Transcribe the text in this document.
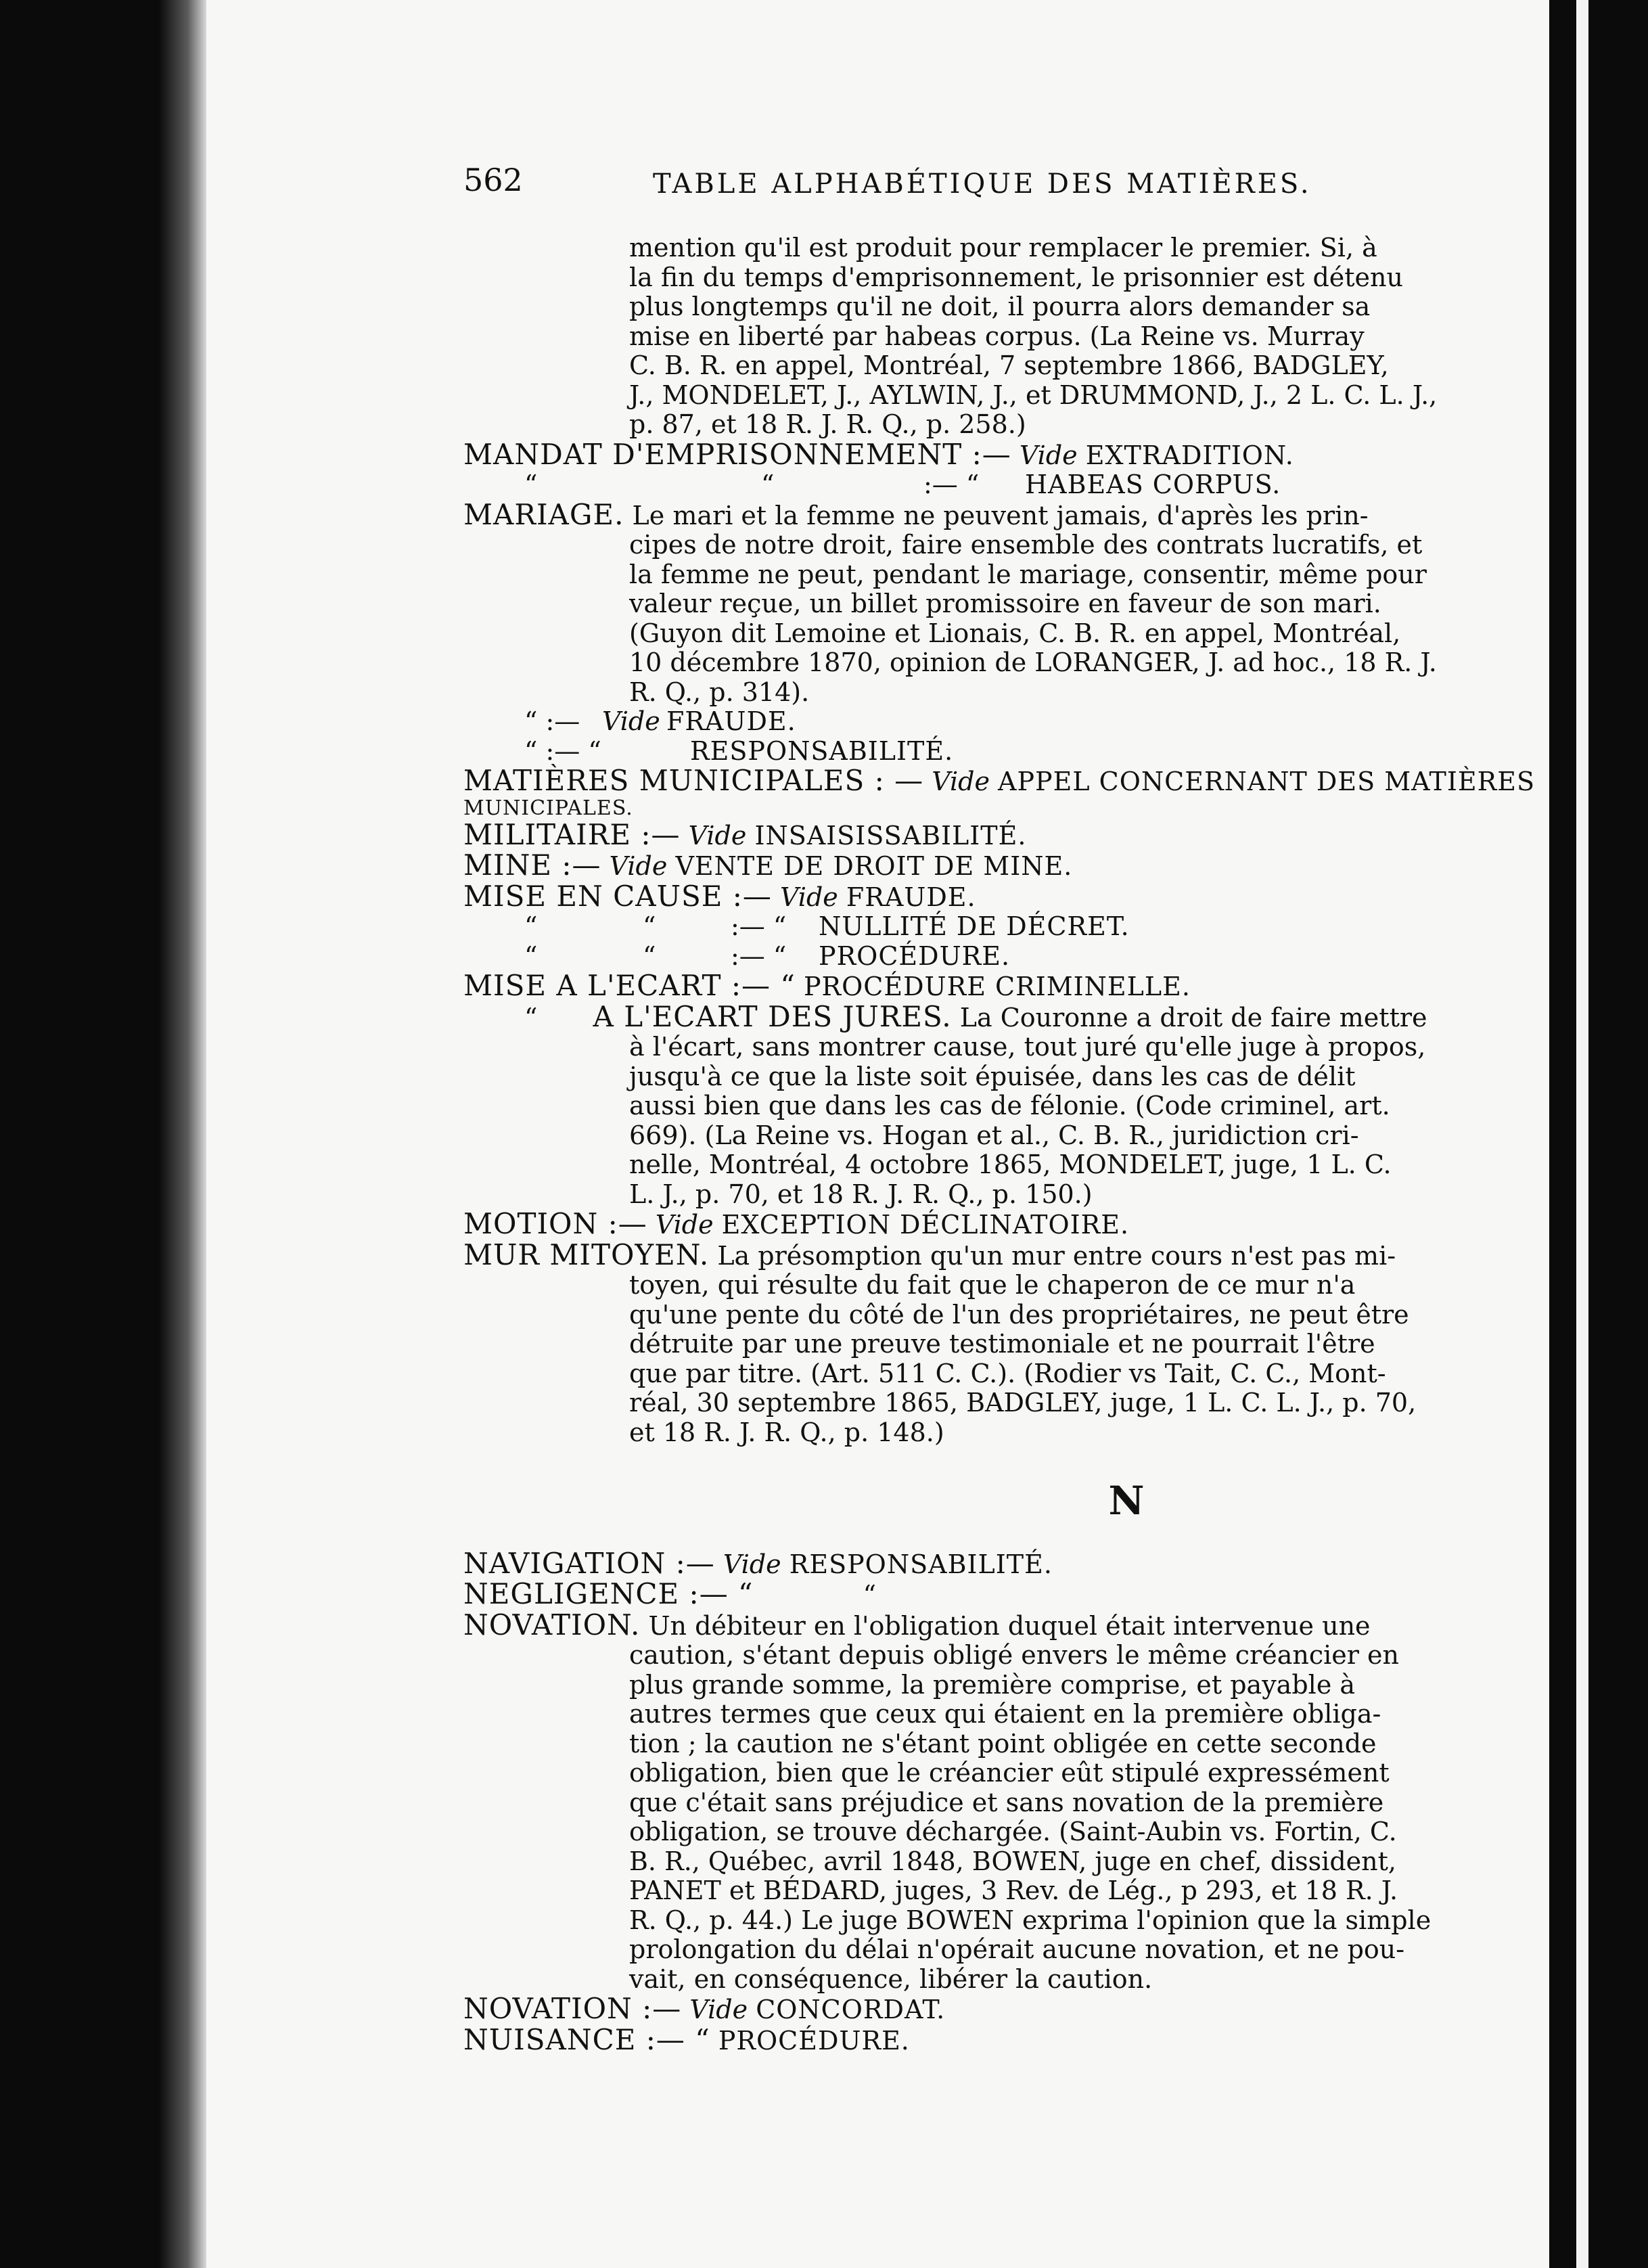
562	TABLE ALPHABÉTIQUE DES MATIÈRES.
mention qu'il est produit pour remplacer le premier. Si, à
la fin du temps d'emprisonnement, le prisonnier est détenu
plus longtemps qu'il ne doit, il pourra alors demander sa
mise en liberté par habeas corpus. (La Reine vs. Murray
C. B. R. en appel, Montréal, 7 septembre 1866, BADGLEY,
J., MONDELET, J., AYLWIN, J., et DRUMMOND, J., 2 L. C. L. J.,
p. 87, et 18 R. J. R. Q., p. 258.)
MANDAT D'EMPRISONNEMENT :— Vide EXTRADITION.
“	“	:— “ HABEAS CORPUS.
MARIAGE. Le mari et la femme ne peuvent jamais, d'après les prin-
cipes de notre droit, faire ensemble des contrats lucratifs, et
la femme ne peut, pendant le mariage, consentir, même pour
valeur reçue, un billet promissoire en faveur de son mari.
(Guyon dit Lemoine et Lionais, C. B. R. en appel, Montréal,
10 décembre 1870, opinion de LORANGER, J. ad hoc., 18 R. J.
R. Q., p. 314).
“ :— Vide FRAUDE.
“ :— “	RESPONSABILITÉ.
MATIÈRES MUNICIPALES : — Vide APPEL CONCERNANT DES MATIÈRES
MUNICIPALES.
MILITAIRE :— Vide INSAISISSABILITÉ.
MINE :— Vide VENTE DE DROIT DE MINE.
MISE EN CAUSE :— Vide FRAUDE.
“	“	:— “ NULLITÉ DE DÉCRET.
“	“	:— “ PROCÉDURE.
MISE A L'ECART :— “ PROCÉDURE CRIMINELLE.
“ A L'ECART DES JURES. La Couronne a droit de faire mettre
à l'écart, sans montrer cause, tout juré qu'elle juge à propos,
jusqu'à ce que la liste soit épuisée, dans les cas de délit
aussi bien que dans les cas de félonie. (Code criminel, art.
669). (La Reine vs. Hogan et al., C. B. R., juridiction cri-
nelle, Montréal, 4 octobre 1865, MONDELET, juge, 1 L. C.
L. J., p. 70, et 18 R. J. R. Q., p. 150.)
MOTION :— Vide EXCEPTION DÉCLINATOIRE.
MUR MITOYEN. La présomption qu'un mur entre cours n'est pas mi-
toyen, qui résulte du fait que le chaperon de ce mur n'a
qu'une pente du côté de l'un des propriétaires, ne peut être
détruite par une preuve testimoniale et ne pourrait l'être
que par titre. (Art. 511 C. C.). (Rodier vs Tait, C. C., Mont-
réal, 30 septembre 1865, BADGLEY, juge, 1 L. C. L. J., p. 70,
et 18 R. J. R. Q., p. 148.)
N
NAVIGATION :— Vide RESPONSABILITÉ.
NEGLIGENCE :— “	“
NOVATION. Un débiteur en l'obligation duquel était intervenue une
caution, s'étant depuis obligé envers le même créancier en
plus grande somme, la première comprise, et payable à
autres termes que ceux qui étaient en la première obliga-
tion ; la caution ne s'étant point obligée en cette seconde
obligation, bien que le créancier eût stipulé expressément
que c'était sans préjudice et sans novation de la première
obligation, se trouve déchargée. (Saint-Aubin vs. Fortin, C.
B. R., Québec, avril 1848, BOWEN, juge en chef, dissident,
PANET et BÉDARD, juges, 3 Rev. de Lég., p 293, et 18 R. J.
R. Q., p. 44.) Le juge BOWEN exprima l'opinion que la simple
prolongation du délai n'opérait aucune novation, et ne pou-
vait, en conséquence, libérer la caution.
NOVATION :— Vide CONCORDAT.
NUISANCE :— “ PROCÉDURE.
